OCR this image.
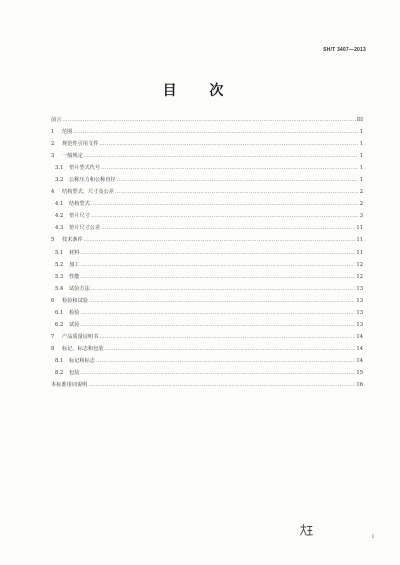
SH/T 3407—2013
目 次
前言 ……………………………………………………………………………………………………………………………………………………………………	III
1	范围 ……………………………………………………………………………………………………………………………………………………………………	1
2	规范性引用文件 ……………………………………………………………………………………………………………………………………………………………………	1
3	一般规定 ……………………………………………………………………………………………………………………………………………………………………	1
3.1	垫片型式代号 ……………………………………………………………………………………………………………………………………………………………………	1
3.2	公称压力和公称直径 ……………………………………………………………………………………………………………………………………………………………………	1
4	结构型式、尺寸及公差 ……………………………………………………………………………………………………………………………………………………………………	2
4.1	结构型式 ……………………………………………………………………………………………………………………………………………………………………	2
4.2	垫片尺寸 ……………………………………………………………………………………………………………………………………………………………………	3
4.3	垫片尺寸公差 ……………………………………………………………………………………………………………………………………………………………………	11
5	技术条件 ……………………………………………………………………………………………………………………………………………………………………	11
5.1	材料 ……………………………………………………………………………………………………………………………………………………………………	11
5.2	加工 ……………………………………………………………………………………………………………………………………………………………………	12
5.3	性能 ……………………………………………………………………………………………………………………………………………………………………	12
5.4	试验方法 ……………………………………………………………………………………………………………………………………………………………………	13
6	检验和试验 ……………………………………………………………………………………………………………………………………………………………………	13
6.1	检验 ……………………………………………………………………………………………………………………………………………………………………	13
6.2	试验 ……………………………………………………………………………………………………………………………………………………………………	13
7	产品质量证明书 ……………………………………………………………………………………………………………………………………………………………………	14
8	标记、标志和包装 ……………………………………………………………………………………………………………………………………………………………………	14
8.1	标记和标志 ……………………………………………………………………………………………………………………………………………………………………	14
8.2	包装 ……………………………………………………………………………………………………………………………………………………………………	15
本标准用词说明 ……………………………………………………………………………………………………………………………………………………………………	16
I
